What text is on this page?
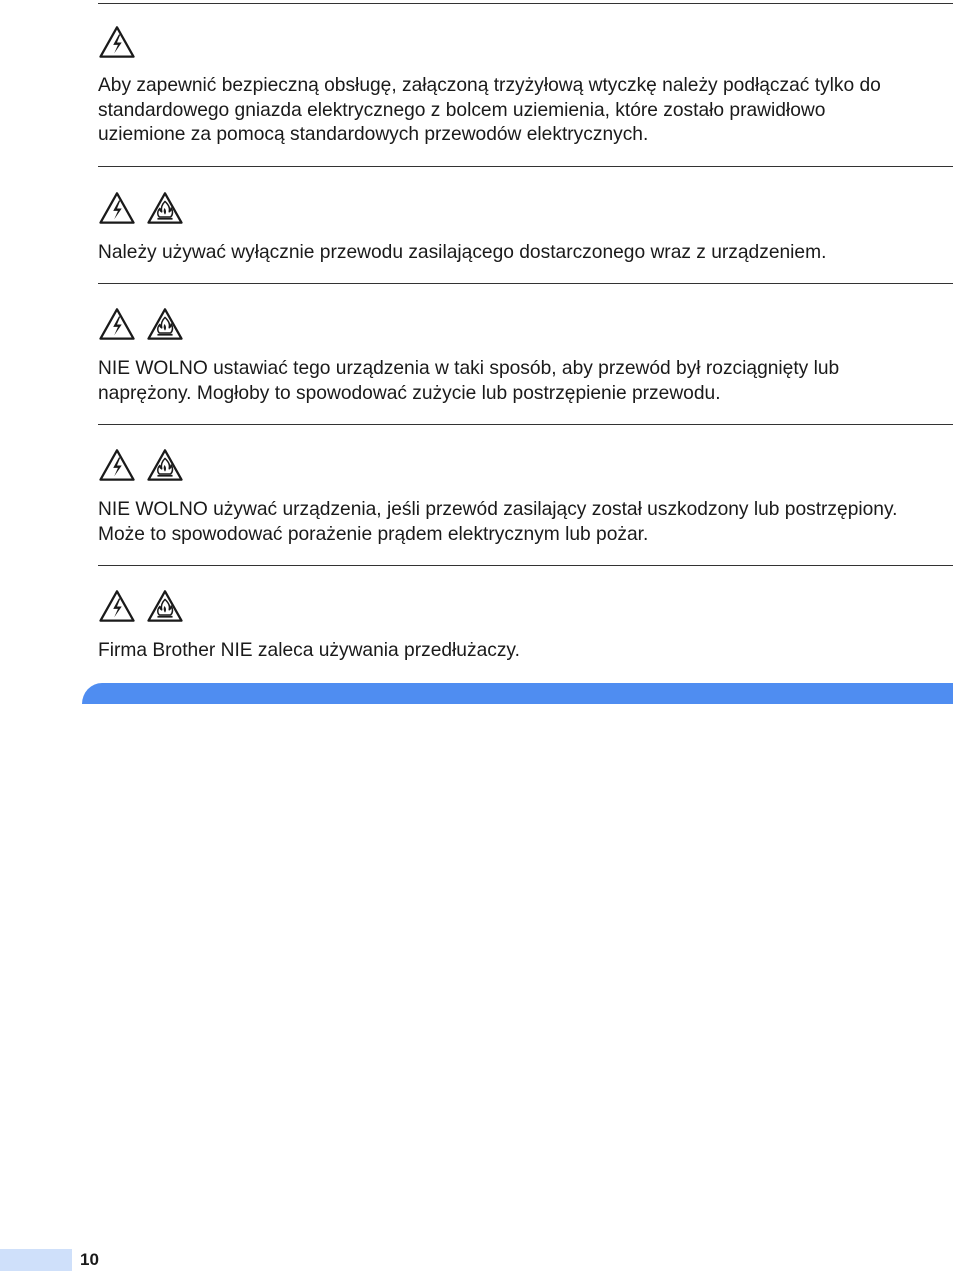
Aby zapewnić bezpieczną obsługę, załączoną trzyżyłową wtyczkę należy podłączać tylko do
standardowego gniazda elektrycznego z bolcem uziemienia, które zostało prawidłowo
uziemione za pomocą standardowych przewodów elektrycznych.

Należy używać wyłącznie przewodu zasilającego dostarczonego wraz z urządzeniem.

NIE WOLNO ustawiać tego urządzenia w taki sposób, aby przewód był rozciągnięty lub
naprężony. Mogłoby to spowodować zużycie lub postrzępienie przewodu.

NIE WOLNO używać urządzenia, jeśli przewód zasilający został uszkodzony lub postrzępiony.
Może to spowodować porażenie prądem elektrycznym lub pożar.

Firma Brother NIE zaleca używania przedłużaczy.

10
